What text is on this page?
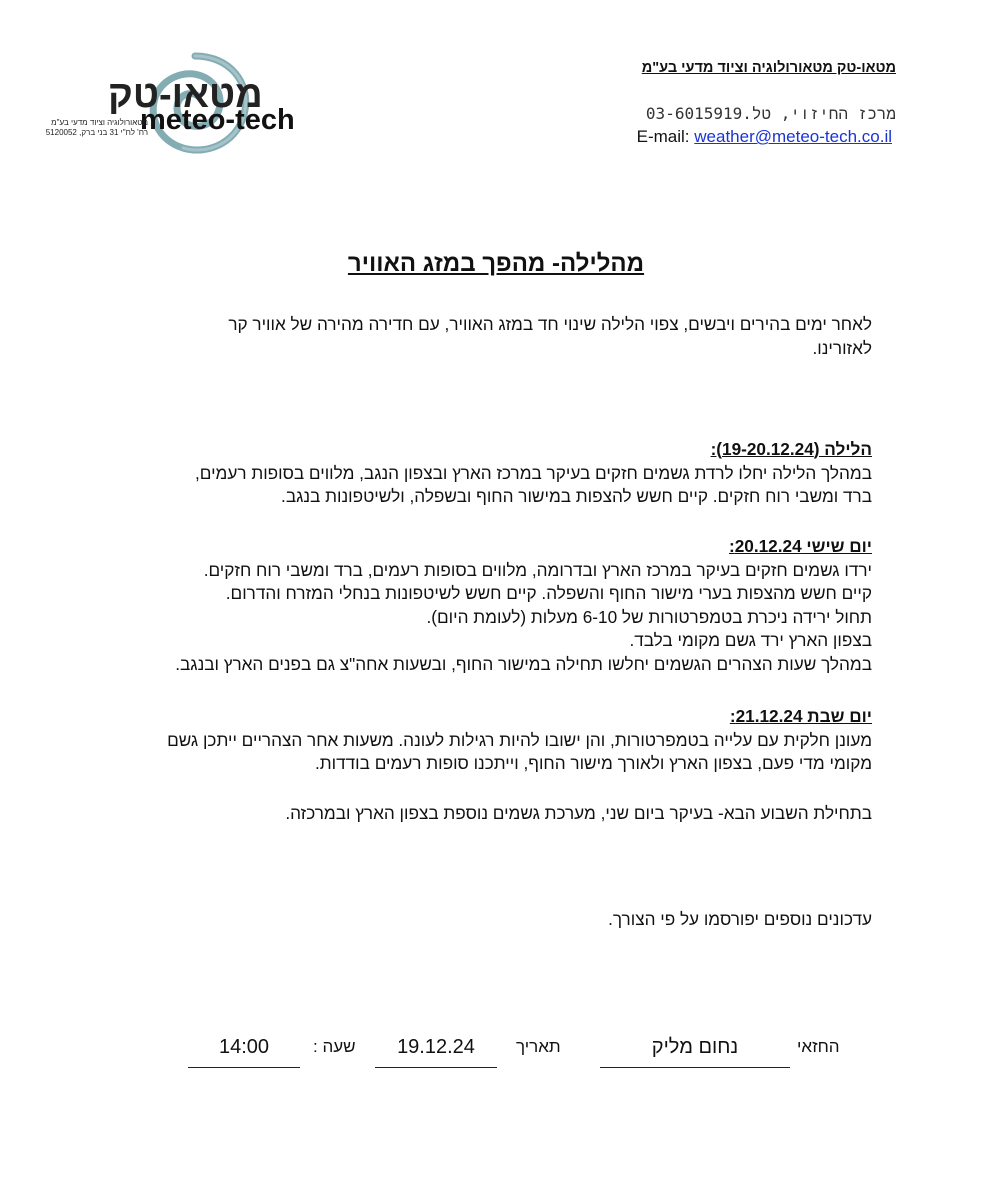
מטאו-טק
meteo-tech
מטאורולוגיה וציוד מדעי בע"מ
רח' לח"י 31 בני ברק, 5120052
מטאו-טק מטאורולוגיה וציוד מדעי בע"מ
מרכז החיזוי, טל.03-6015919
E-mail: weather@meteo-tech.co.il
מהלילה- מהפך במזג האוויר
לאחר ימים בהירים ויבשים, צפוי הלילה שינוי חד במזג האוויר, עם חדירה מהירה של אוויר קר
לאזורינו.
הלילה (19-20.12.24):
במהלך הלילה יחלו לרדת גשמים חזקים בעיקר במרכז הארץ ובצפון הנגב, מלווים בסופות רעמים,
ברד ומשבי רוח חזקים. קיים חשש להצפות במישור החוף ובשפלה, ולשיטפונות בנגב.
יום שישי 20.12.24:
ירדו גשמים חזקים בעיקר במרכז הארץ ובדרומה, מלווים בסופות רעמים, ברד ומשבי רוח חזקים.
קיים חשש מהצפות בערי מישור החוף והשפלה. קיים חשש לשיטפונות בנחלי המזרח והדרום.
תחול ירידה ניכרת בטמפרטורות של 6-10 מעלות (לעומת היום).
בצפון הארץ ירד גשם מקומי בלבד.
במהלך שעות הצהרים הגשמים יחלשו תחילה במישור החוף, ובשעות אחה"צ גם בפנים הארץ ובנגב.
יום שבת 21.12.24:
מעונן חלקית עם עלייה בטמפרטורות, והן ישובו להיות רגילות לעונה. משעות אחר הצהריים ייתכן גשם
מקומי מדי פעם, בצפון הארץ ולאורך מישור החוף, וייתכנו סופות רעמים בודדות.
בתחילת השבוע הבא- בעיקר ביום שני, מערכת גשמים נוספת בצפון הארץ ובמרכזה.
עדכונים נוספים יפורסמו על פי הצורך.
החזאי
נחום מליק
תאריך
19.12.24
שעה :
14:00
